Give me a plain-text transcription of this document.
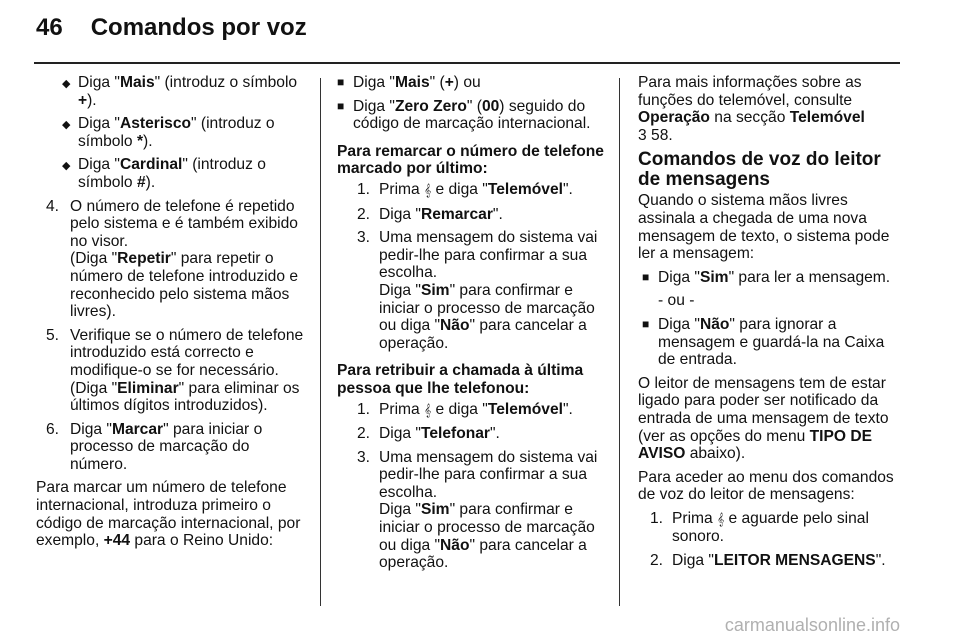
46 Comandos por voz
◆ Diga "Mais" (introduz o símbolo +).
◆ Diga "Asterisco" (introduz o símbolo *).
◆ Diga "Cardinal" (introduz o símbolo #).
4. O número de telefone é repetido pelo sistema e é também exibido no visor.

(Diga "Repetir" para repetir o número de telefone introduzido e reconhecido pelo sistema mãos livres).

5. Verifique se o número de telefone introduzido está correcto e modifique-o se for necessário.

(Diga "Eliminar" para eliminar os últimos dígitos introduzidos).

6. Diga "Marcar" para iniciar o processo de marcação do número.

Para marcar um número de telefone internacional, introduza primeiro o código de marcação internacional, por exemplo, +44 para o Reino Unido:

■ Diga "Mais" (+) ou
■ Diga "Zero Zero" (00) seguido do código de marcação internacional.

Para remarcar o número de telefone marcado por último:

1. Prima 𝄞 e diga "Telemóvel".
2. Diga "Remarcar".
3. Uma mensagem do sistema vai pedir-lhe para confirmar a sua escolha.

Diga "Sim" para confirmar e iniciar o processo de marcação ou diga "Não" para cancelar a operação.

Para retribuir a chamada à última pessoa que lhe telefonou:

1. Prima 𝄞 e diga "Telemóvel".
2. Diga "Telefonar".
3. Uma mensagem do sistema vai pedir-lhe para confirmar a sua escolha.

Diga "Sim" para confirmar e iniciar o processo de marcação ou diga "Não" para cancelar a operação.

Para mais informações sobre as funções do telemóvel, consulte Operação na secção Telemóvel
3 58.

Comandos de voz do leitor de mensagens

Quando o sistema mãos livres assinala a chegada de uma nova mensagem de texto, o sistema pode ler a mensagem:

■ Diga "Sim" para ler a mensagem.

- ou -

■ Diga "Não" para ignorar a mensagem e guardá-la na Caixa de entrada.

O leitor de mensagens tem de estar ligado para poder ser notificado da entrada de uma mensagem de texto (ver as opções do menu TIPO DE AVISO abaixo).

Para aceder ao menu dos comandos de voz do leitor de mensagens:

1. Prima 𝄞 e aguarde pelo sinal sonoro.
2. Diga "LEITOR MENSAGENS".
carmanualsonline.info
